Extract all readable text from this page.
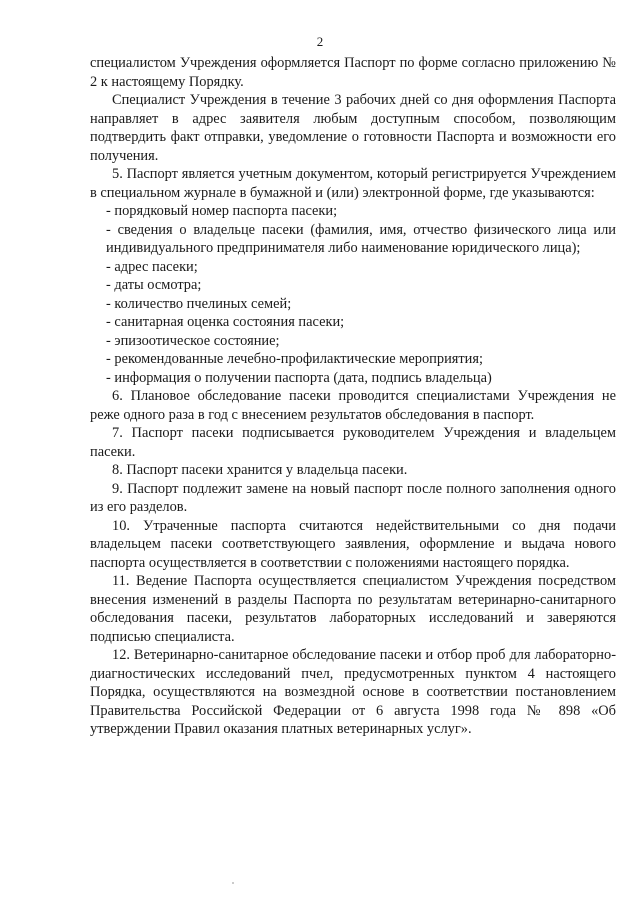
2

специалистом Учреждения оформляется Паспорт по форме согласно приложению № 2 к настоящему Порядку.

Специалист Учреждения в течение 3 рабочих дней со дня оформления Паспорта направляет в адрес заявителя любым доступным способом, позволяющим подтвердить факт отправки, уведомление о готовности Паспорта и возможности его получения.

5. Паспорт является учетным документом, который регистрируется Учреждением в специальном журнале в бумажной и (или) электронной форме, где указываются:

- порядковый номер паспорта пасеки;

- сведения о владельце пасеки (фамилия, имя, отчество физического лица или индивидуального предпринимателя либо наименование юридического лица);

- адрес пасеки;

- даты осмотра;

- количество пчелиных семей;

- санитарная оценка состояния пасеки;

- эпизоотическое состояние;

- рекомендованные лечебно-профилактические мероприятия;

- информация о получении паспорта (дата, подпись владельца)

6. Плановое обследование пасеки проводится специалистами Учреждения не реже одного раза в год с внесением результатов обследования в паспорт.

7. Паспорт пасеки подписывается руководителем Учреждения и владельцем пасеки.

8. Паспорт пасеки хранится у владельца пасеки.

9. Паспорт подлежит замене на новый паспорт после полного заполнения одного из его разделов.

10. Утраченные паспорта считаются недействительными со дня подачи владельцем пасеки соответствующего заявления, оформление и выдача нового паспорта осуществляется в соответствии с положениями настоящего порядка.

11. Ведение Паспорта осуществляется специалистом Учреждения посредством внесения изменений в разделы Паспорта по результатам ветеринарно-санитарного обследования пасеки, результатов лабораторных исследований и заверяются подписью специалиста.

12. Ветеринарно-санитарное обследование пасеки и отбор проб для лабораторно-диагностических исследований пчел, предусмотренных пунктом 4 настоящего Порядка, осуществляются на возмездной основе в соответствии постановлением Правительства Российской Федерации от 6 августа 1998 года № 898 «Об утверждении Правил оказания платных ветеринарных услуг».
